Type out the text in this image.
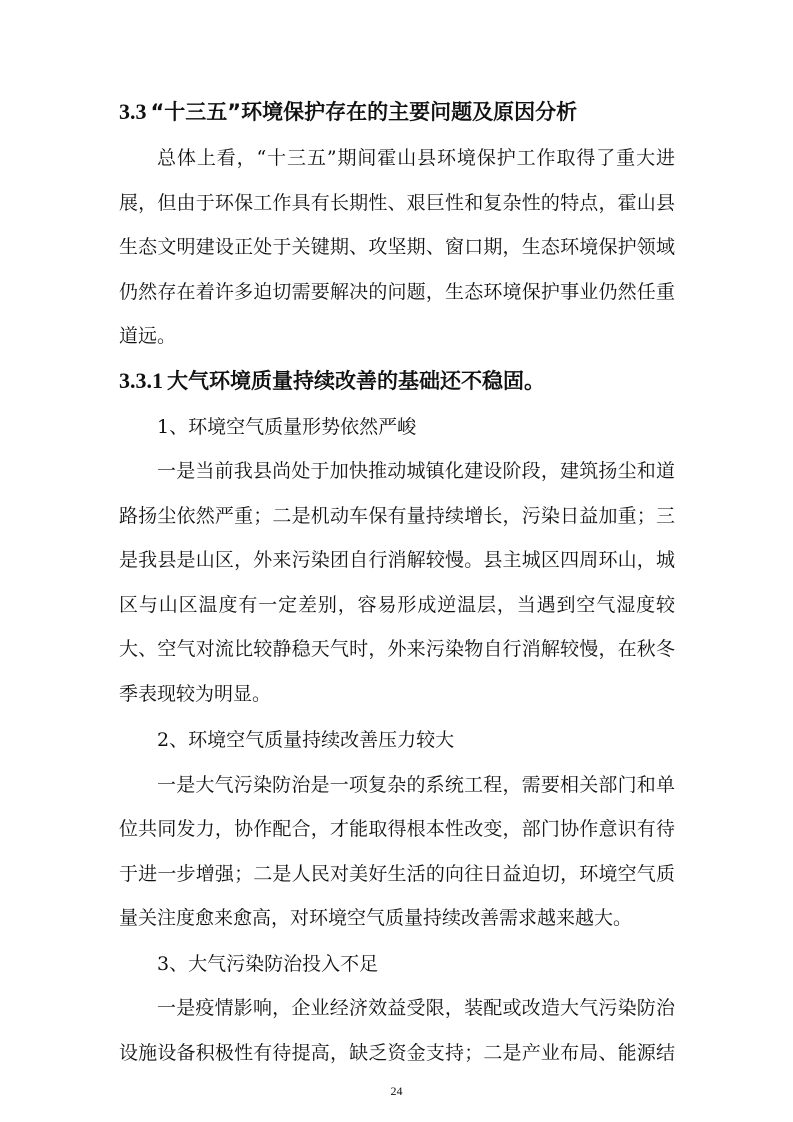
3.3 “十三五”环境保护存在的主要问题及原因分析
总体上看，“十三五”期间霍山县环境保护工作取得了重大进
展，但由于环保工作具有长期性、艰巨性和复杂性的特点，霍山县
生态文明建设正处于关键期、攻坚期、窗口期，生态环境保护领域
仍然存在着许多迫切需要解决的问题，生态环境保护事业仍然任重
道远。
3.3.1 大气环境质量持续改善的基础还不稳固。
1、环境空气质量形势依然严峻
一是当前我县尚处于加快推动城镇化建设阶段，建筑扬尘和道
路扬尘依然严重；二是机动车保有量持续增长，污染日益加重；三
是我县是山区，外来污染团自行消解较慢。县主城区四周环山，城
区与山区温度有一定差别，容易形成逆温层，当遇到空气湿度较
大、空气对流比较静稳天气时，外来污染物自行消解较慢，在秋冬
季表现较为明显。
2、环境空气质量持续改善压力较大
一是大气污染防治是一项复杂的系统工程，需要相关部门和单
位共同发力，协作配合，才能取得根本性改变，部门协作意识有待
于进一步增强；二是人民对美好生活的向往日益迫切，环境空气质
量关注度愈来愈高，对环境空气质量持续改善需求越来越大。
3、大气污染防治投入不足
一是疫情影响，企业经济效益受限，装配或改造大气污染防治
设施设备积极性有待提高，缺乏资金支持；二是产业布局、能源结
24
